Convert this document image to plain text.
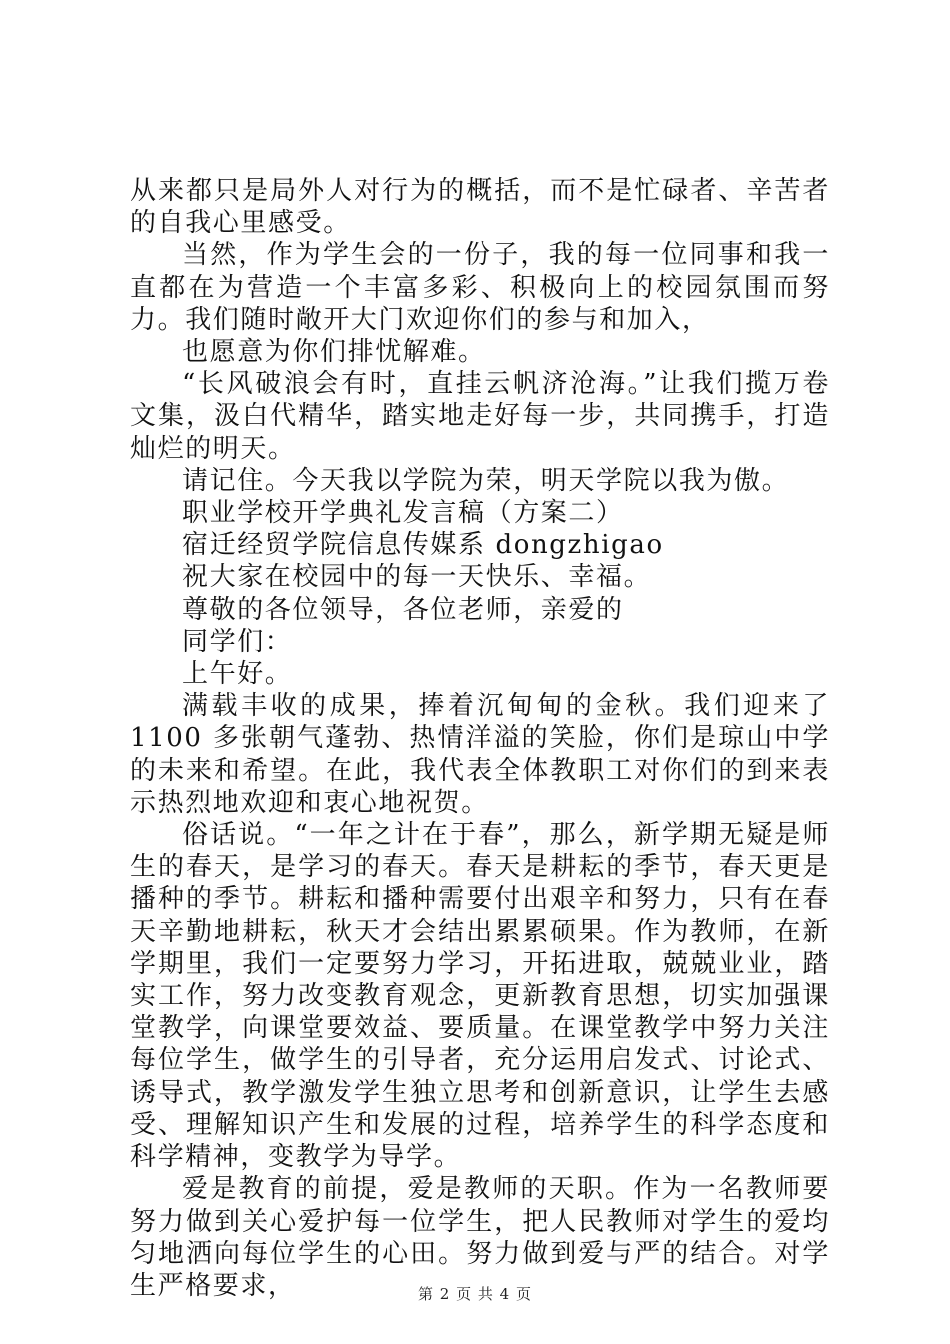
从来都只是局外人对行为的概括，而不是忙碌者、辛苦者的自我心里感受。

当然，作为学生会的一份子，我的每一位同事和我一直都在为营造一个丰富多彩、积极向上的校园氛围而努力。我们随时敞开大门欢迎你们的参与和加入，

也愿意为你们排忧解难。

“长风破浪会有时，直挂云帆济沧海。”让我们揽万卷文集，汲白代精华，踏实地走好每一步，共同携手，打造灿烂的明天。

请记住。今天我以学院为荣，明天学院以我为傲。

职业学校开学典礼发言稿（方案二）

宿迁经贸学院信息传媒系 dongzhigao

祝大家在校园中的每一天快乐、幸福。

尊敬的各位领导，各位老师，亲爱的

同学们：

上午好。

满载丰收的成果，捧着沉甸甸的金秋。我们迎来了 1100 多张朝气蓬勃、热情洋溢的笑脸，你们是琼山中学的未来和希望。在此，我代表全体教职工对你们的到来表示热烈地欢迎和衷心地祝贺。

俗话说。“一年之计在于春”，那么，新学期无疑是师生的春天，是学习的春天。春天是耕耘的季节，春天更是播种的季节。耕耘和播种需要付出艰辛和努力，只有在春天辛勤地耕耘，秋天才会结出累累硕果。作为教师，在新学期里，我们一定要努力学习，开拓进取，兢兢业业，踏实工作，努力改变教育观念，更新教育思想，切实加强课堂教学，向课堂要效益、要质量。在课堂教学中努力关注每位学生，做学生的引导者，充分运用启发式、讨论式、诱导式，教学激发学生独立思考和创新意识，让学生去感受、理解知识产生和发展的过程，培养学生的科学态度和科学精神，变教学为导学。

爱是教育的前提，爱是教师的天职。作为一名教师要努力做到关心爱护每一位学生，把人民教师对学生的爱均匀地洒向每位学生的心田。努力做到爱与严的结合。对学生严格要求，	第 2 页 共 4 页
